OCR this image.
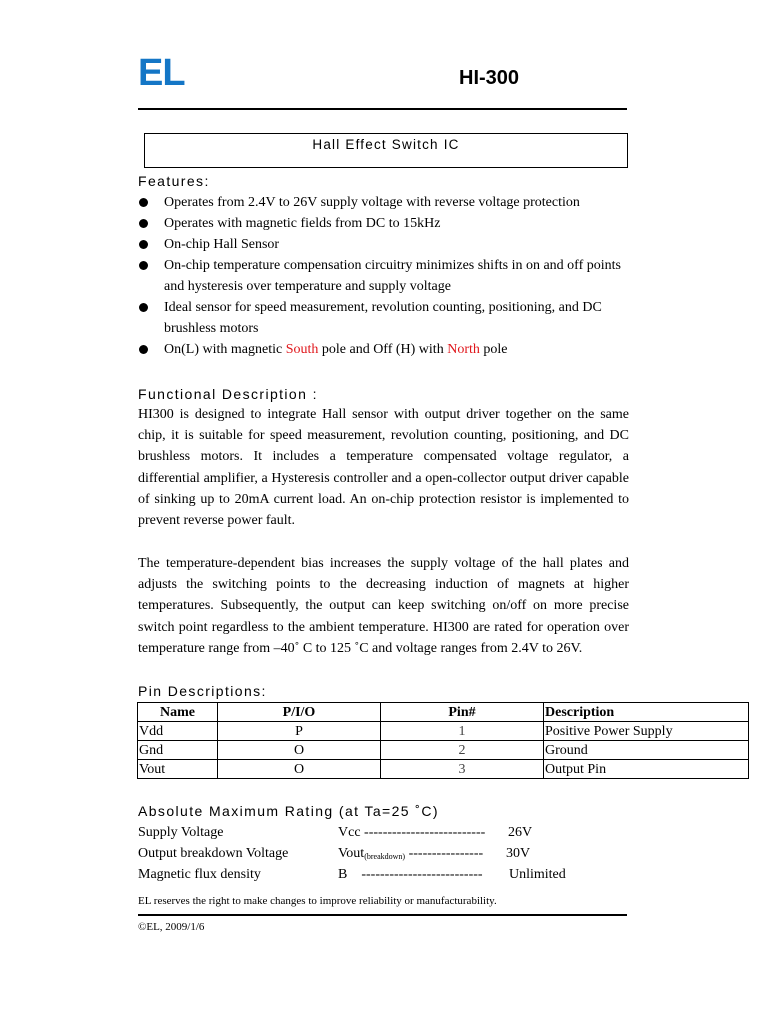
EL	HI-300
Hall Effect Switch IC
Features:
Operates from 2.4V to 26V supply voltage with reverse voltage protection
Operates with magnetic fields from DC to 15kHz
On-chip Hall Sensor
On-chip temperature compensation circuitry minimizes shifts in on and off points
and hysteresis over temperature and supply voltage
Ideal sensor for speed measurement, revolution counting, positioning, and DC
brushless motors
On(L) with magnetic South pole and Off (H) with North pole
Functional Description :
HI300 is designed to integrate Hall sensor with output driver together on the same chip, it is suitable for speed measurement, revolution counting, positioning, and DC brushless motors. It includes a temperature compensated voltage regulator, a differential amplifier, a Hysteresis controller and a open-collector output driver capable of sinking up to 20mA current load. An on-chip protection resistor is implemented to prevent reverse power fault.
The temperature-dependent bias increases the supply voltage of the hall plates and adjusts the switching points to the decreasing induction of magnets at higher temperatures. Subsequently, the output can keep switching on/off on more precise switch point regardless to the ambient temperature. HI300 are rated for operation over temperature range from –40˚ C to 125 ˚C and voltage ranges from 2.4V to 26V.
Pin Descriptions:
Name	P/I/O	Pin#	Description
Vdd	P	1	Positive Power Supply
Gnd	O	2	Ground
Vout	O	3	Output Pin
Absolute Maximum Rating (at Ta=25 ˚C)
Supply Voltage	Vcc -------------------------- 26V
Output breakdown Voltage	Vout$_{(breakdown)}$ ---------------- 30V
Magnetic flux density	B -------------------------- Unlimited
EL reserves the right to make changes to improve reliability or manufacturability.
©EL, 2009/1/6
